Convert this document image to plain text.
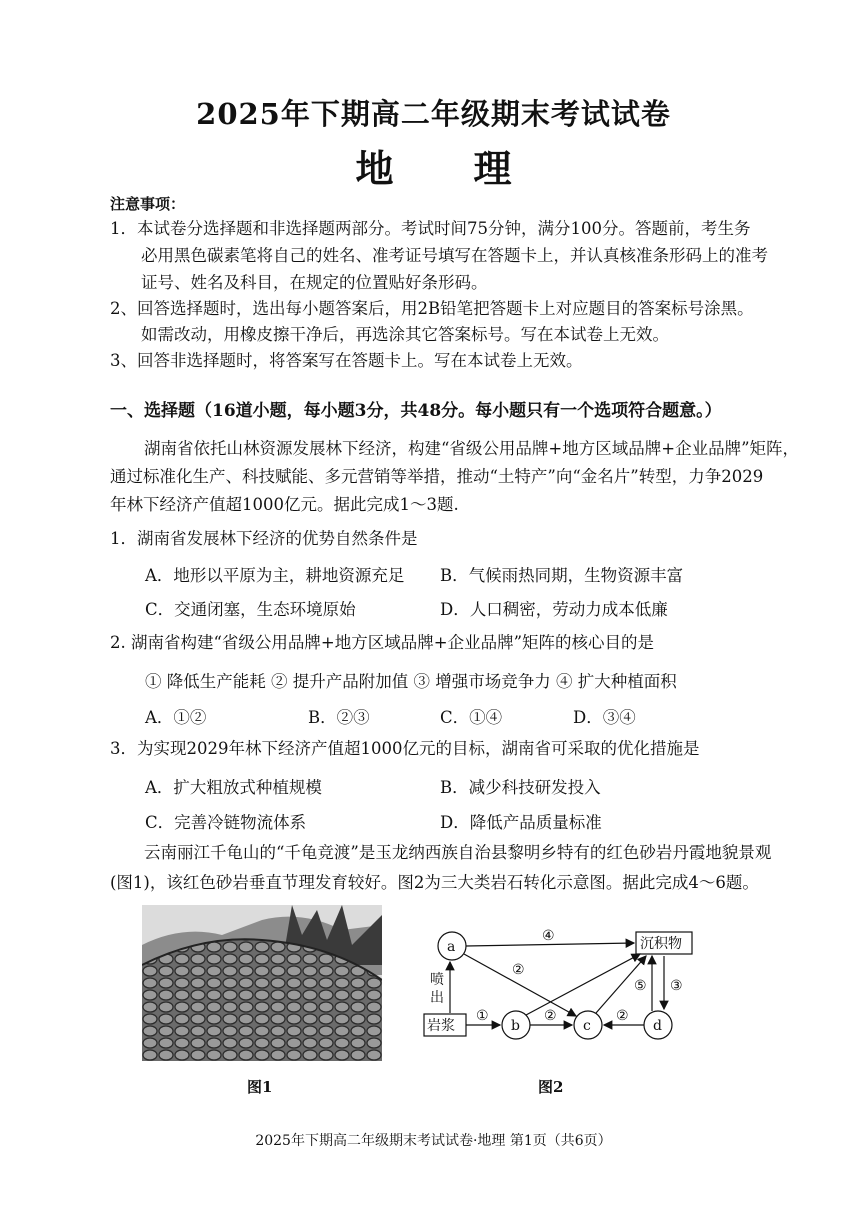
2025年下期高二年级期末考试试卷
地 理
注意事项：
1．本试卷分选择题和非选择题两部分。考试时间75分钟，满分100分。答题前，考生务
必用黑色碳素笔将自己的姓名、准考证号填写在答题卡上，并认真核准条形码上的准考
证号、姓名及科目，在规定的位置贴好条形码。
2、回答选择题时，选出每小题答案后，用2B铅笔把答题卡上对应题目的答案标号涂黑。
如需改动，用橡皮擦干净后，再选涂其它答案标号。写在本试卷上无效。
3、回答非选择题时，将答案写在答题卡上。写在本试卷上无效。
一、选择题（16道小题，每小题3分，共48分。每小题只有一个选项符合题意。）
湖南省依托山林资源发展林下经济，构建“省级公用品牌+地方区域品牌+企业品牌”矩阵，
通过标准化生产、科技赋能、多元营销等举措，推动“土特产”向“金名片”转型，力争2029
年林下经济产值超1000亿元。据此完成1～3题.
1．湖南省发展林下经济的优势自然条件是
A．地形以平原为主，耕地资源充足 B．气候雨热同期，生物资源丰富
C．交通闭塞，生态环境原始	D．人口稠密，劳动力成本低廉
2. 湖南省构建“省级公用品牌+地方区域品牌+企业品牌”矩阵的核心目的是
① 降低生产能耗 ② 提升产品附加值 ③ 增强市场竞争力 ④ 扩大种植面积
A．①②	B．②③	C．①④	D．③④
3．为实现2029年林下经济产值超1000亿元的目标，湖南省可采取的优化措施是
A．扩大粗放式种植规模	B．减少科技研发投入
C．完善冷链物流体系	D．降低产品质量标准
云南丽江千龟山的“千龟竞渡”是玉龙纳西族自治县黎明乡特有的红色砂岩丹霞地貌景观
(图1)，该红色砂岩垂直节理发育较好。图2为三大类岩石转化示意图。据此完成4～6题。
图1
a
b	c	d
沉积物
岩浆
喷
出
④
②
①	②	②
⑤ ③
图2
2025年下期高二年级期末考试试卷·地理 第1页（共6页）
